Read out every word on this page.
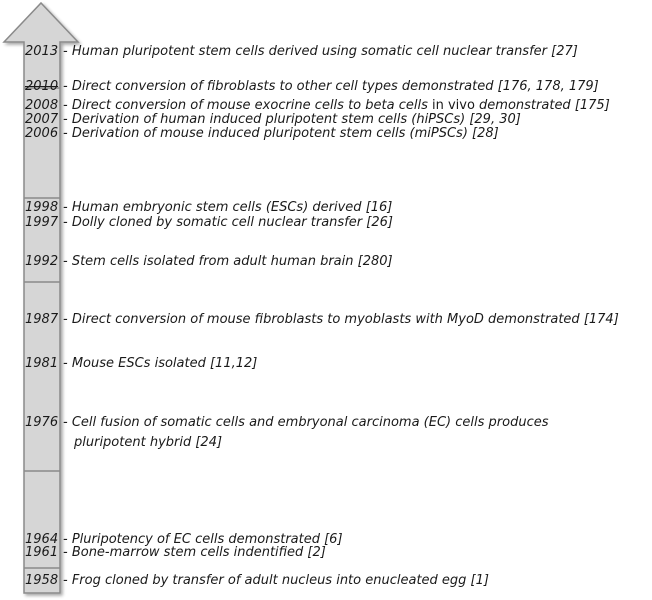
2013 - Human pluripotent stem cells derived using somatic cell nuclear transfer [27]
2010 - Direct conversion of fibroblasts to other cell types demonstrated [176, 178, 179]
2008 - Direct conversion of mouse exocrine cells to beta cells in vivo demonstrated [175]
2007 - Derivation of human induced pluripotent stem cells (hiPSCs) [29, 30]
2006 - Derivation of mouse induced pluripotent stem cells (miPSCs) [28]
1998 - Human embryonic stem cells (ESCs) derived [16]
1997 - Dolly cloned by somatic cell nuclear transfer [26]
1992 - Stem cells isolated from adult human brain [280]
1987 - Direct conversion of mouse fibroblasts to myoblasts with MyoD demonstrated [174]
1981 - Mouse ESCs isolated [11,12]
1976 - Cell fusion of somatic cells and embryonal carcinoma (EC) cells produces
pluripotent hybrid [24]
1964 - Pluripotency of EC cells demonstrated [6]
1961 - Bone-marrow stem cells indentified [2]
1958 - Frog cloned by transfer of adult nucleus into enucleated egg [1]
